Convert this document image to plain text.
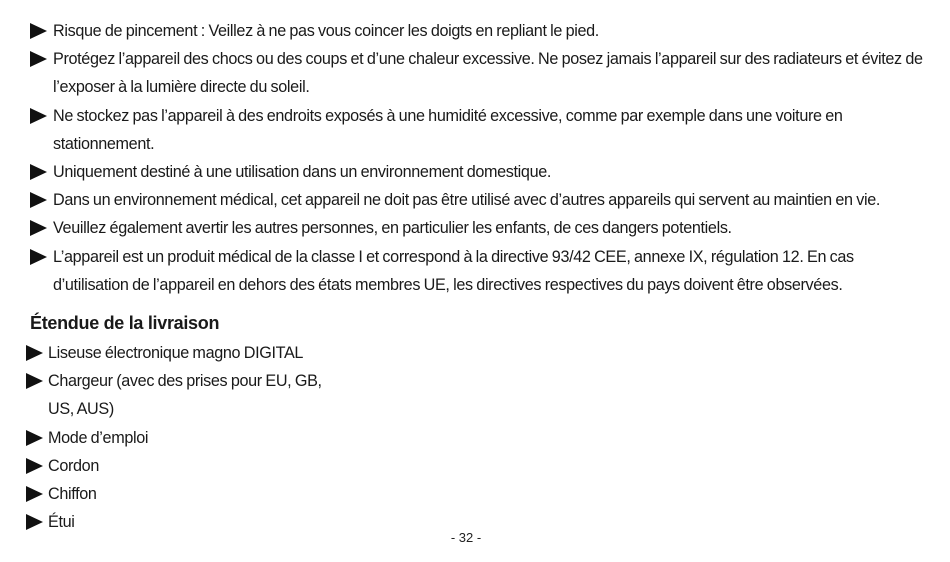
Risque de pincement : Veillez à ne pas vous coincer les doigts en repliant le pied.
Protégez l’appareil des chocs ou des coups et d’une chaleur excessive. Ne posez jamais l’appareil sur des radiateurs et évitez de l’exposer à la lumière directe du soleil.
Ne stockez pas l’appareil à des endroits exposés à une humidité excessive, comme par exemple dans une voiture en stationnement.
Uniquement destiné à une utilisation dans un environnement domestique.
Dans un environnement médical, cet appareil ne doit pas être utilisé avec d’autres appareils qui servent au maintien en vie.
Veuillez également avertir les autres personnes, en particulier les enfants, de ces dangers potentiels.
L’appareil est un produit médical de la classe I et correspond à la directive 93/42 CEE, annexe IX, régulation 12. En cas d’utilisation de l’appareil en dehors des états membres UE, les directives respectives du pays doivent être observées.
Étendue de la livraison
Liseuse électronique magno DIGITAL
Chargeur (avec des prises pour EU, GB, US, AUS)
Mode d’emploi
Cordon
Chiffon
Étui
- 32 -
